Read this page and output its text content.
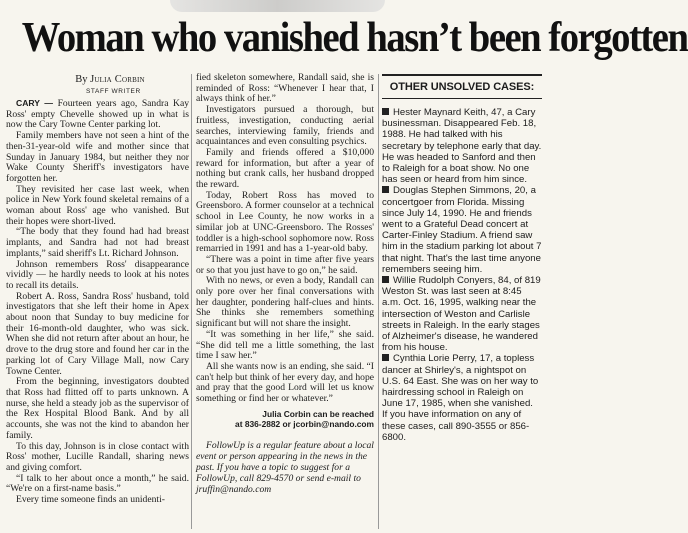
Woman who vanished hasn’t been forgotten
By Julia Corbin
STAFF WRITER

CARY — Fourteen years ago, Sandra Kay Ross' empty Chevelle showed up in what is now the Cary Towne Center parking lot.

Family members have not seen a hint of the then-31-year-old wife and mother since that Sunday in January 1984, but neither they nor Wake County Sheriff's investigators have forgotten her.

They revisited her case last week, when police in New York found skeletal remains of a woman about Ross' age who vanished. But their hopes were short-lived.

“The body that they found had had breast implants, and Sandra had not had breast implants,” said sheriff's Lt. Richard Johnson.

Johnson remembers Ross' disappearance vividly — he hardly needs to look at his notes to recall its details.

Robert A. Ross, Sandra Ross' husband, told investigators that she left their home in Apex about noon that Sunday to buy medicine for their 16-month-old daughter, who was sick. When she did not return after about an hour, he drove to the drug store and found her car in the parking lot of Cary Village Mall, now Cary Towne Center.

From the beginning, investigators doubted that Ross had flitted off to parts unknown. A nurse, she held a steady job as the supervisor of the Rex Hospital Blood Bank. And by all accounts, she was not the kind to abandon her family.

To this day, Johnson is in close contact with Ross' mother, Lucille Randall, sharing news and giving comfort.

“I talk to her about once a month,” he said. “We're on a first-name basis.”

Every time someone finds an unidenti-

fied skeleton somewhere, Randall said, she is reminded of Ross: “Whenever I hear that, I always think of her.”

Investigators pursued a thorough, but fruitless, investigation, conducting aerial searches, interviewing family, friends and acquaintances and even consulting psychics.

Family and friends offered a $10,000 reward for information, but after a year of nothing but crank calls, her husband dropped the reward.

Today, Robert Ross has moved to Greensboro. A former counselor at a technical school in Lee County, he now works in a similar job at UNC-Greensboro. The Rosses' toddler is a high-school sophomore now. Ross remarried in 1991 and has a 1-year-old baby.

“There was a point in time after five years or so that you just have to go on,” he said.

With no news, or even a body, Randall can only pore over her final conversations with her daughter, pondering half-clues and hints. She thinks she remembers something significant but will not share the insight.

“It was something in her life,” she said. “She did tell me a little something, the last time I saw her.”

All she wants now is an ending, she said. “I can't help but think of her every day, and hope and pray that the good Lord will let us know something or find her or whatever.”

Julia Corbin can be reached
at 836-2882 or jcorbin@nando.com

FollowUp is a regular feature about a local event or person appearing in the news in the past. If you have a topic to suggest for a FollowUp, call 829-4570 or send e-mail to jruffin@nando.com

OTHER UNSOLVED CASES:

Hester Maynard Keith, 47, a Cary businessman. Disappeared Feb. 18, 1988. He had talked with his secretary by telephone early that day. He was headed to Sanford and then to Raleigh for a boat show. No one has seen or heard from him since.

Douglas Stephen Simmons, 20, a concertgoer from Florida. Missing since July 14, 1990. He and friends went to a Grateful Dead concert at Carter-Finley Stadium. A friend saw him in the stadium parking lot about 7 that night. That's the last time anyone remembers seeing him.

Willie Rudolph Conyers, 84, of 819 Weston St. was last seen at 8:45 a.m. Oct. 16, 1995, walking near the intersection of Weston and Carlisle streets in Raleigh. In the early stages of Alzheimer's disease, he wandered from his house.

Cynthia Lorie Perry, 17, a topless dancer at Shirley's, a nightspot on U.S. 64 East. She was on her way to hairdressing school in Raleigh on June 17, 1985, when she vanished.

If you have information on any of these cases, call 890-3555 or 856-6800.
